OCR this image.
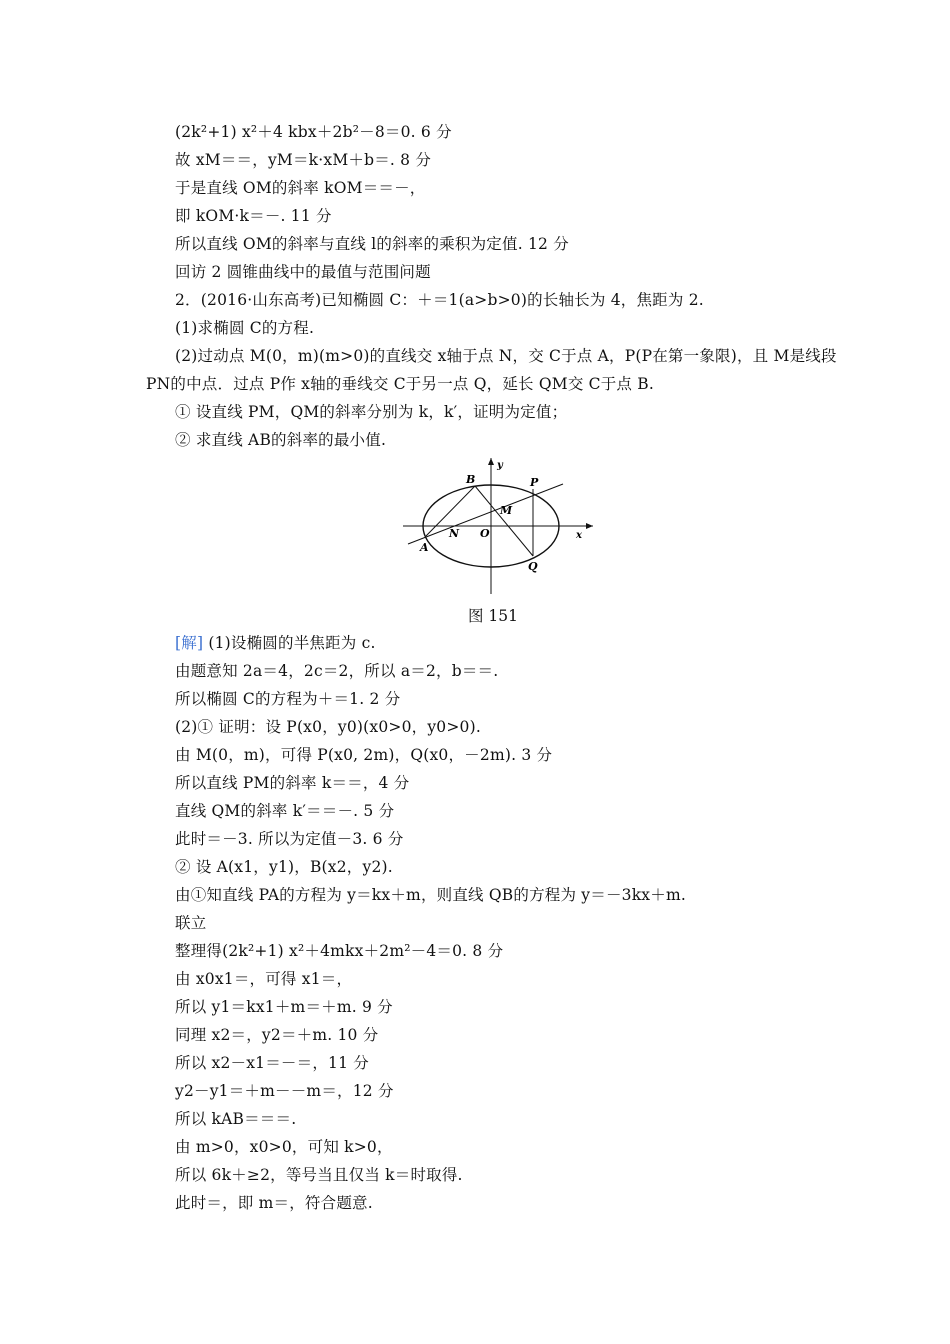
(2k²+1) x²＋4 kbx＋2b²－8＝0. 6 分
故 xM＝＝，yM＝k·xM＋b＝. 8 分
于是直线 OM的斜率 kOM＝＝－，
即 kOM·k＝－. 11 分
所以直线 OM的斜率与直线 l的斜率的乘积为定值. 12 分
回访 2 圆锥曲线中的最值与范围问题
2．(2016·山东高考)已知椭圆 C：＋＝1(a>b>0)的长轴长为 4，焦距为 2.
(1)求椭圆 C的方程.
(2)过动点 M(0，m)(m>0)的直线交 x轴于点 N，交 C于点 A，P(P在第一象限)，且 M是线段
PN的中点．过点 P作 x轴的垂线交 C于另一点 Q，延长 QM交 C于点 B.
① 设直线 PM，QM的斜率分别为 k，k′，证明为定值；
② 求直线 AB的斜率的最小值.
y
x
B	P
M
N O
A
Q
图 151
[解] (1)设椭圆的半焦距为 c.
由题意知 2a＝4，2c＝2，所以 a＝2，b＝＝.
所以椭圆 C的方程为＋＝1. 2 分
(2)① 证明：设 P(x0，y0)(x0>0，y0>0).
由 M(0，m)，可得 P(x0, 2m)，Q(x0，－2m). 3 分
所以直线 PM的斜率 k＝＝，4 分
直线 QM的斜率 k′＝＝－. 5 分
此时＝－3. 所以为定值－3. 6 分
② 设 A(x1，y1)，B(x2，y2).
由①知直线 PA的方程为 y＝kx＋m，则直线 QB的方程为 y＝－3kx＋m.
联立
整理得(2k²+1) x²＋4mkx＋2m²－4＝0. 8 分
由 x0x1＝，可得 x1＝，
所以 y1＝kx1＋m＝＋m. 9 分
同理 x2＝，y2＝＋m. 10 分
所以 x2－x1＝－＝，11 分
y2－y1＝＋m－－m＝，12 分
所以 kAB＝＝＝.
由 m>0，x0>0，可知 k>0，
所以 6k＋≥2，等号当且仅当 k＝时取得.
此时＝，即 m＝，符合题意.
